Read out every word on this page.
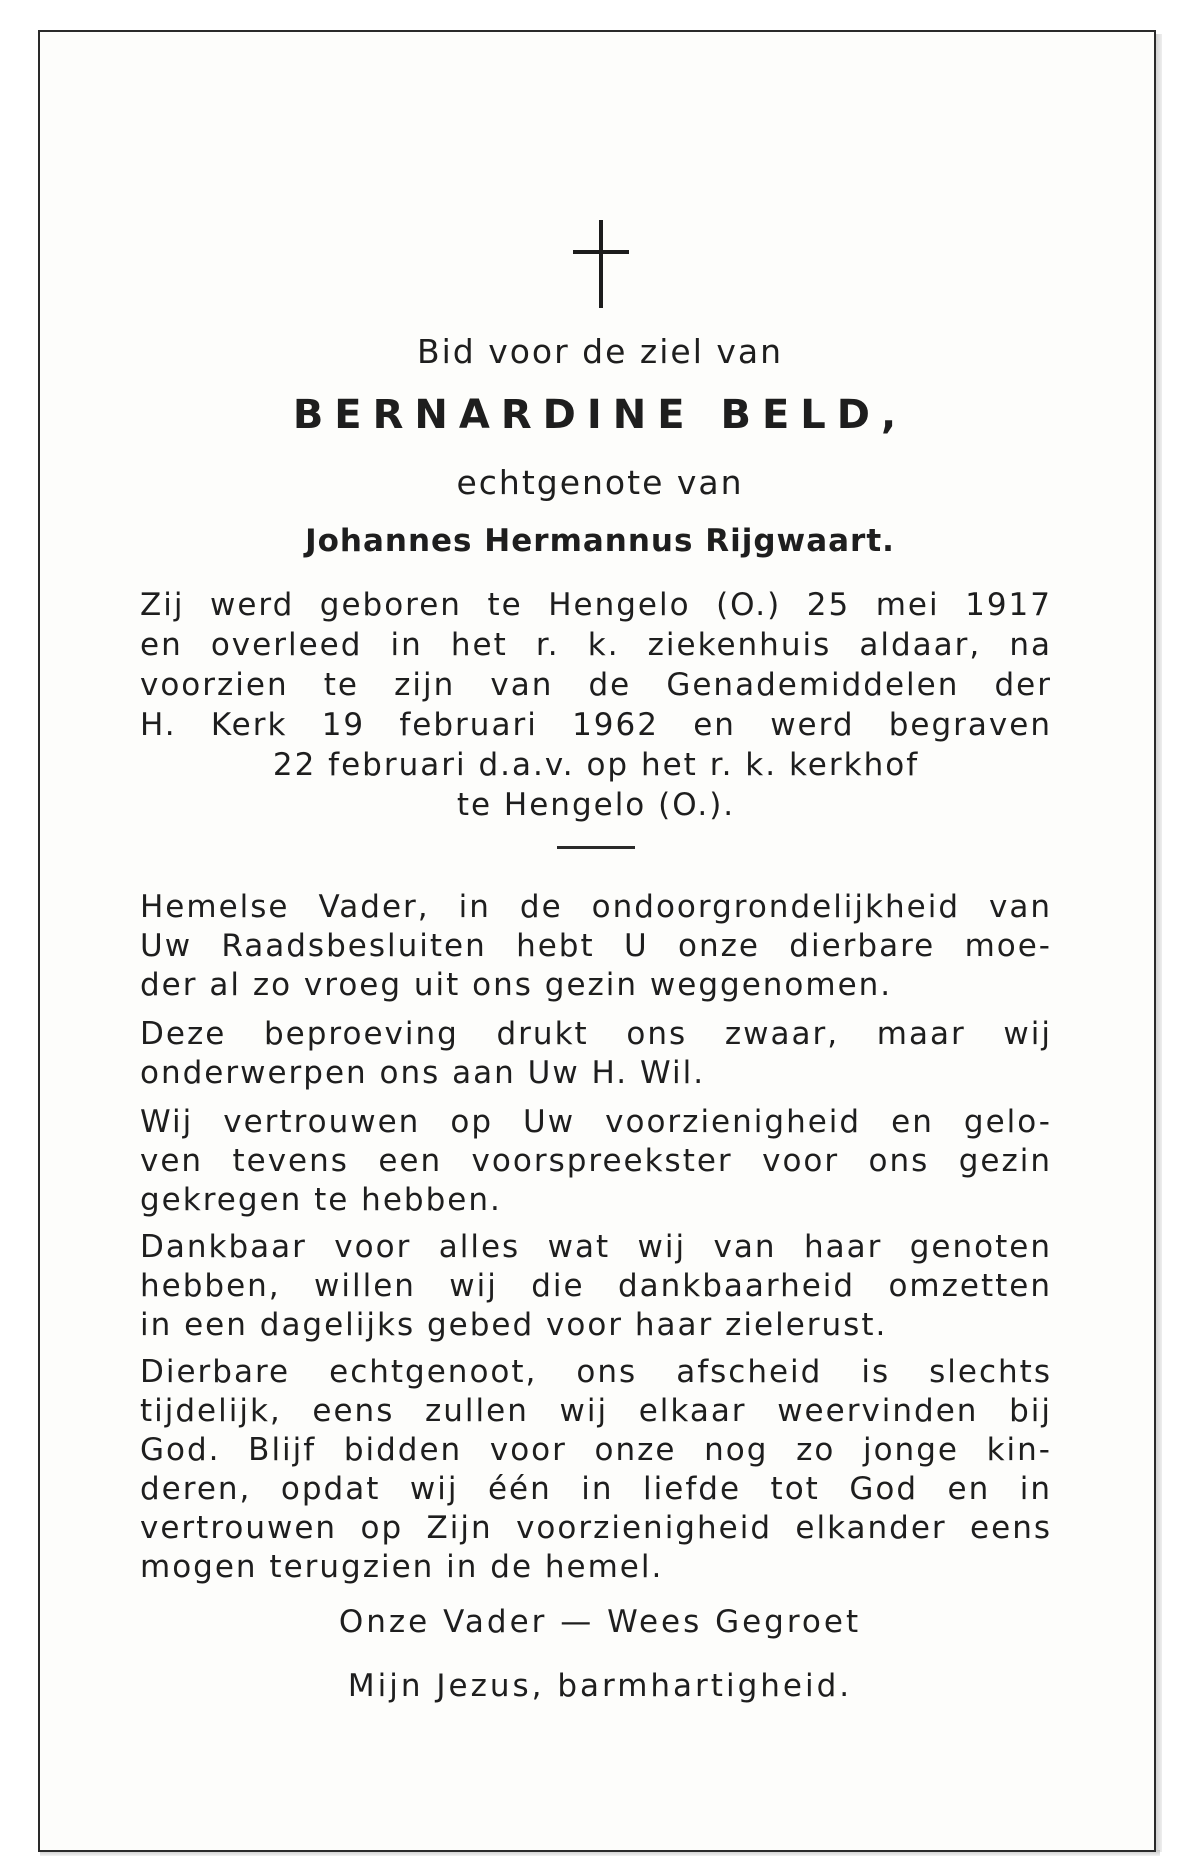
Bid voor de ziel van
BERNARDINE BELD,
echtgenote van
Johannes Hermannus Rijgwaart.
Zij werd geboren te Hengelo (O.) 25 mei 1917
en overleed in het r. k. ziekenhuis aldaar, na
voorzien te zijn van de Genademiddelen der
H. Kerk 19 februari 1962 en werd begraven
22 februari d.a.v. op het r. k. kerkhof
te Hengelo (O.).
Hemelse Vader, in de ondoorgrondelijkheid van
Uw Raadsbesluiten hebt U onze dierbare moe-
der al zo vroeg uit ons gezin weggenomen.
Deze beproeving drukt ons zwaar, maar wij
onderwerpen ons aan Uw H. Wil.
Wij vertrouwen op Uw voorzienigheid en gelo-
ven tevens een voorspreekster voor ons gezin
gekregen te hebben.
Dankbaar voor alles wat wij van haar genoten
hebben, willen wij die dankbaarheid omzetten
in een dagelijks gebed voor haar zielerust.
Dierbare echtgenoot, ons afscheid is slechts
tijdelijk, eens zullen wij elkaar weervinden bij
God. Blijf bidden voor onze nog zo jonge kin-
deren, opdat wij één in liefde tot God en in
vertrouwen op Zijn voorzienigheid elkander eens
mogen terugzien in de hemel.
Onze Vader — Wees Gegroet
Mijn Jezus, barmhartigheid.
